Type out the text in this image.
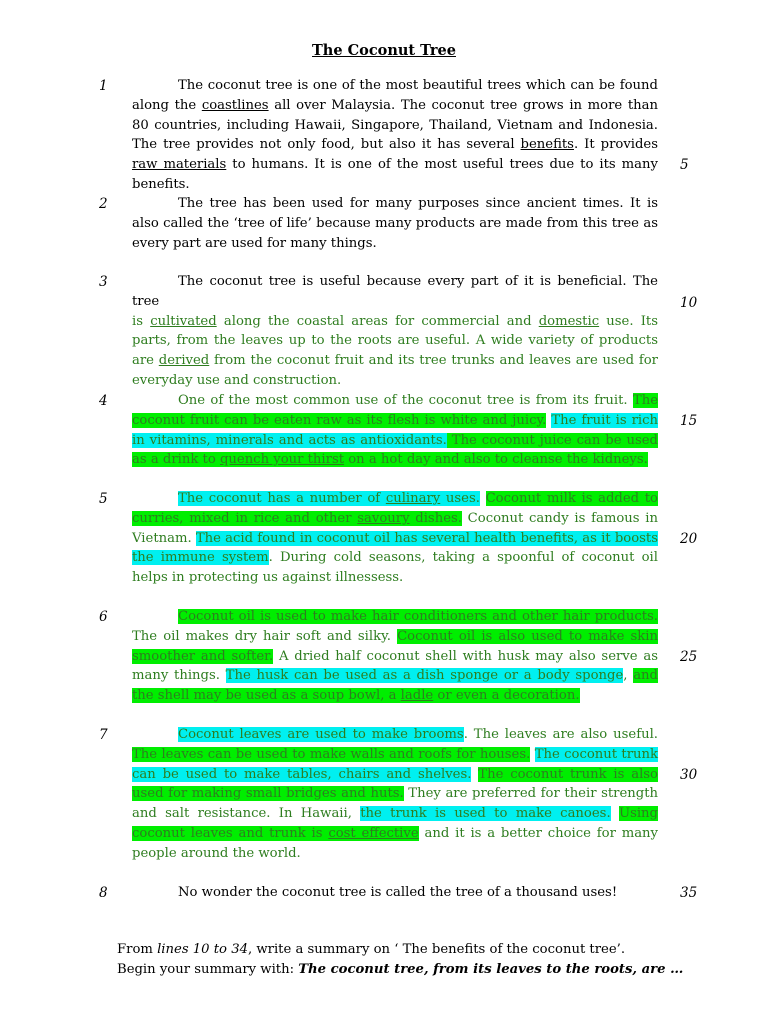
The Coconut Tree
1
2
3
4
5
6
7
8
5
10
15
20
25
30
35
The coconut tree is one of the most beautiful trees which can be found along the coastlines all over Malaysia. The coconut tree grows in more than 80 countries, including Hawaii, Singapore, Thailand, Vietnam and Indonesia. The tree provides not only food, but also it has several benefits. It provides raw materials to humans. It is one of the most useful trees due to its many benefits.
The tree has been used for many purposes since ancient times. It is also called the ‘tree of life’ because many products are made from this tree as every part are used for many things.
The coconut tree is useful because every part of it is beneficial. The tree
is cultivated along the coastal areas for commercial and domestic use. Its parts, from the leaves up to the roots are useful. A wide variety of products are derived from the coconut fruit and its tree trunks and leaves are used for everyday use and construction.
One of the most common use of the coconut tree is from its fruit. The coconut fruit can be eaten raw as its flesh is white and juicy. The fruit is rich in vitamins, minerals and acts as antioxidants. The coconut juice can be used as a drink to quench your thirst on a hot day and also to cleanse the kidneys.
The coconut has a number of culinary uses. Coconut milk is added to curries, mixed in rice and other savoury dishes. Coconut candy is famous in Vietnam. The acid found in coconut oil has several health benefits, as it boosts the immune system. During cold seasons, taking a spoonful of coconut oil helps in protecting us against illnessess.
Coconut oil is used to make hair conditioners and other hair products. The oil makes dry hair soft and silky. Coconut oil is also used to make skin smoother and softer. A dried half coconut shell with husk may also serve as many things. The husk can be used as a dish sponge or a body sponge, and the shell may be used as a soup bowl, a ladle or even a decoration.
Coconut leaves are used to make brooms. The leaves are also useful. The leaves can be used to make walls and roofs for houses. The coconut trunk can be used to make tables, chairs and shelves. The coconut trunk is also used for making small bridges and huts. They are preferred for their strength and salt resistance. In Hawaii, the trunk is used to make canoes. Using coconut leaves and trunk is cost effective and it is a better choice for many people around the world.
No wonder the coconut tree is called the tree of a thousand uses!
From lines 10 to 34, write a summary on ‘ The benefits of the coconut tree’.
Begin your summary with: The coconut tree, from its leaves to the roots, are …
